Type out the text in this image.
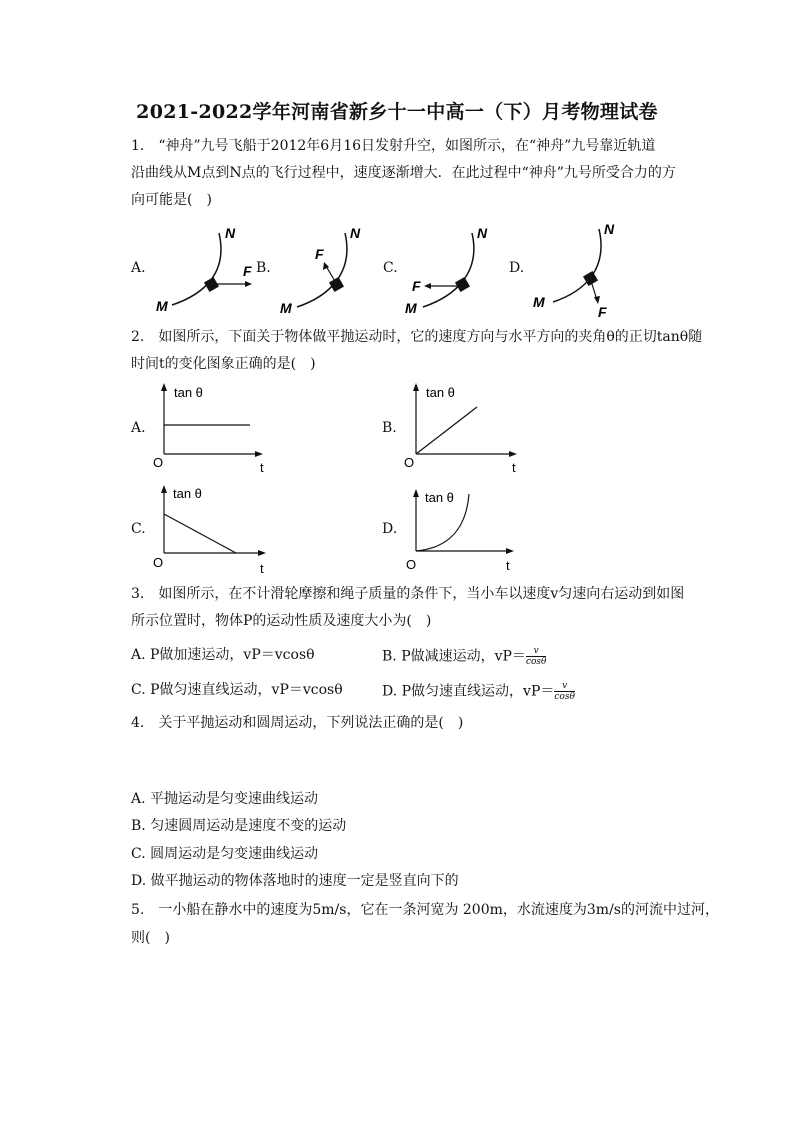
2021-2022学年河南省新乡十一中高一（下）月考物理试卷
1.　“神舟”九号飞船于2012年6月16日发射升空，如图所示，在“神舟”九号靠近轨道
沿曲线从M点到N点的飞行过程中，速度逐渐增大．在此过程中“神舟”九号所受合力的方
向可能是(　)
A.	B.	C.	D.
M
N
F
M
N
F
M
N
F
M
N
F
2.　如图所示，下面关于物体做平抛运动时，它的速度方向与水平方向的夹角θ的正切tanθ随
时间t的变化图象正确的是(　)
A.	B.
C.	D.
tan θ
t
O
tan θ
t
O
tan θ
t
O
tan θ
t
O
3.　如图所示，在不计滑轮摩擦和绳子质量的条件下，当小车以速度v匀速向右运动到如图
所示位置时，物体P的运动性质及速度大小为(　)
A. P做加速运动，vP＝vcosθ	B. P做减速运动，$vP= \frac{v}{\cos\theta}$
C. P做匀速直线运动，vP＝vcosθ	D. P做匀速直线运动，$vP= \frac{v}{\cos\theta}$
4.　关于平抛运动和圆周运动，下列说法正确的是(　)
A. 平抛运动是匀变速曲线运动
B. 匀速圆周运动是速度不变的运动
C. 圆周运动是匀变速曲线运动
D. 做平抛运动的物体落地时的速度一定是竖直向下的
5.　一小船在静水中的速度为5m/s，它在一条河宽为 200m，水流速度为3m/s的河流中过河，
则(　)
